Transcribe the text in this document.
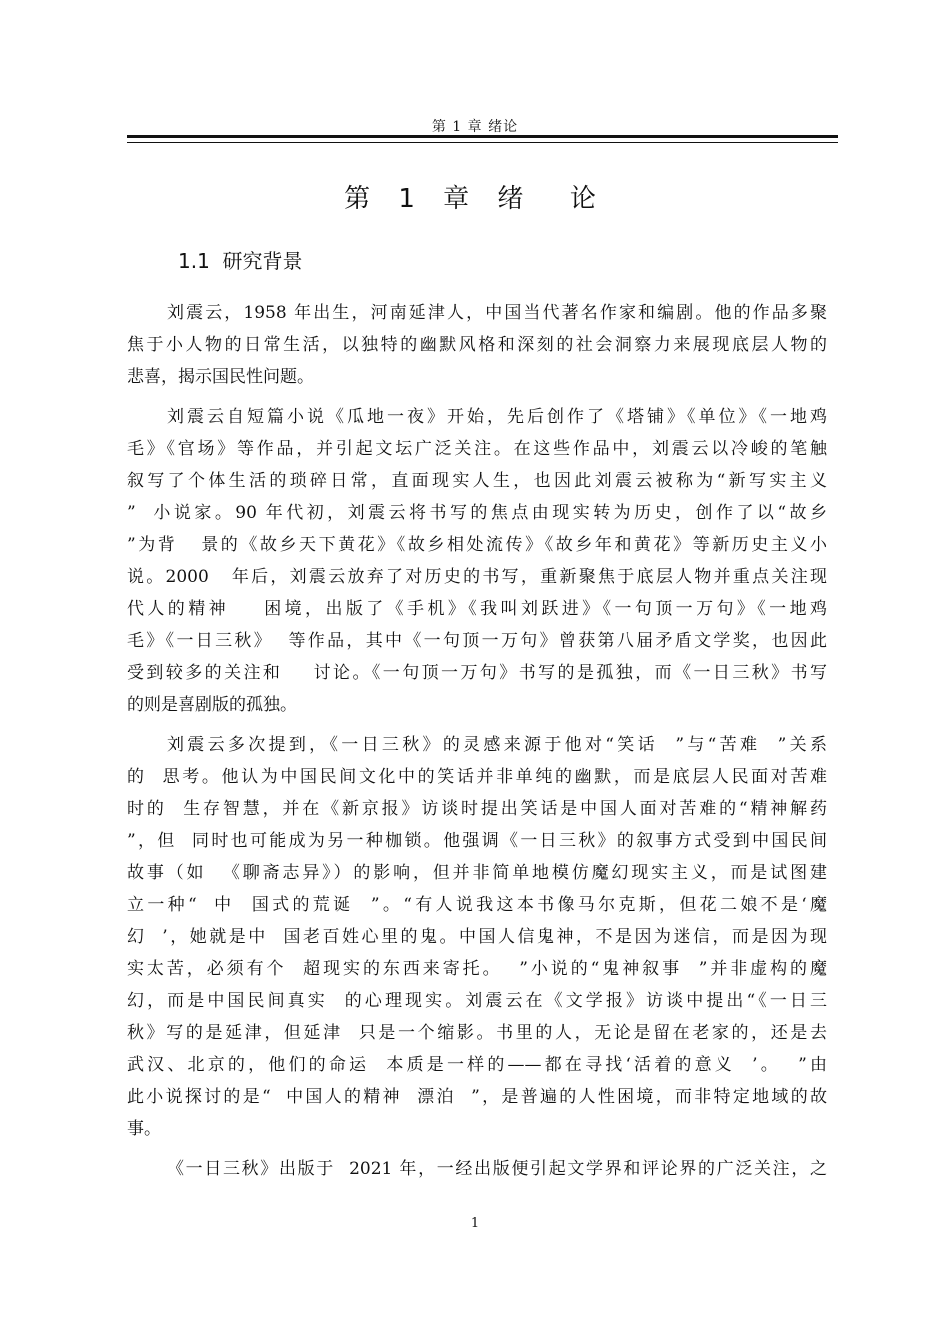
第 1 章 绪论
第 1 章 绪  论
1.1  研究背景
刘震云，1958 年出生，河南延津人，中国当代著名作家和编剧。他的作品多聚
焦于小人物的日常生活，以独特的幽默风格和深刻的社会洞察力来展现底层人物的
悲喜，揭示国民性问题。
刘震云自短篇小说《瓜地一夜》开始，先后创作了《塔铺》《单位》《一地鸡
毛》《官场》等作品，并引起文坛广泛关注。在这些作品中，刘震云以冷峻的笔触
叙写了个体生活的琐碎日常，直面现实人生，也因此刘震云被称为“新写实主义
”  小说家。90 年代初，刘震云将书写的焦点由现实转为历史，创作了以“故乡
”为背   景的《故乡天下黄花》《故乡相处流传》《故乡年和黄花》等新历史主义小
说。2000   年后，刘震云放弃了对历史的书写，重新聚焦于底层人物并重点关注现
代人的精神    困境，出版了《手机》《我叫刘跃进》《一句顶一万句》《一地鸡
毛》《一日三秋》  等作品，其中《一句顶一万句》曾获第八届矛盾文学奖，也因此
受到较多的关注和    讨论。《一句顶一万句》书写的是孤独，而《一日三秋》书写
的则是喜剧版的孤独。
刘震云多次提到，《一日三秋》的灵感来源于他对“笑话  ”与“苦难  ”关系
的  思考。他认为中国民间文化中的笑话并非单纯的幽默，而是底层人民面对苦难
时的  生存智慧，并在《新京报》访谈时提出笑话是中国人面对苦难的“精神解药
”，但  同时也可能成为另一种枷锁。他强调《一日三秋》的叙事方式受到中国民间
故事（如  《聊斋志异》）的影响，但并非简单地模仿魔幻现实主义，而是试图建
立一种“  中  国式的荒诞  ”。“有人说我这本书像马尔克斯，但花二娘不是‘魔
幻  ’，她就是中  国老百姓心里的鬼。中国人信鬼神，不是因为迷信，而是因为现
实太苦，必须有个  超现实的东西来寄托。  ”小说的“鬼神叙事  ”并非虚构的魔
幻，而是中国民间真实  的心理现实。刘震云在《文学报》访谈中提出“《一日三
秋》写的是延津，但延津  只是一个缩影。书里的人，无论是留在老家的，还是去
武汉、北京的，他们的命运  本质是一样的——都在寻找‘活着的意义  ’。  ”由
此小说探讨的是“  中国人的精神  漂泊  ”，是普遍的人性困境，而非特定地域的故
事。
《一日三秋》出版于  2021 年，一经出版便引起文学界和评论界的广泛关注，之
1
